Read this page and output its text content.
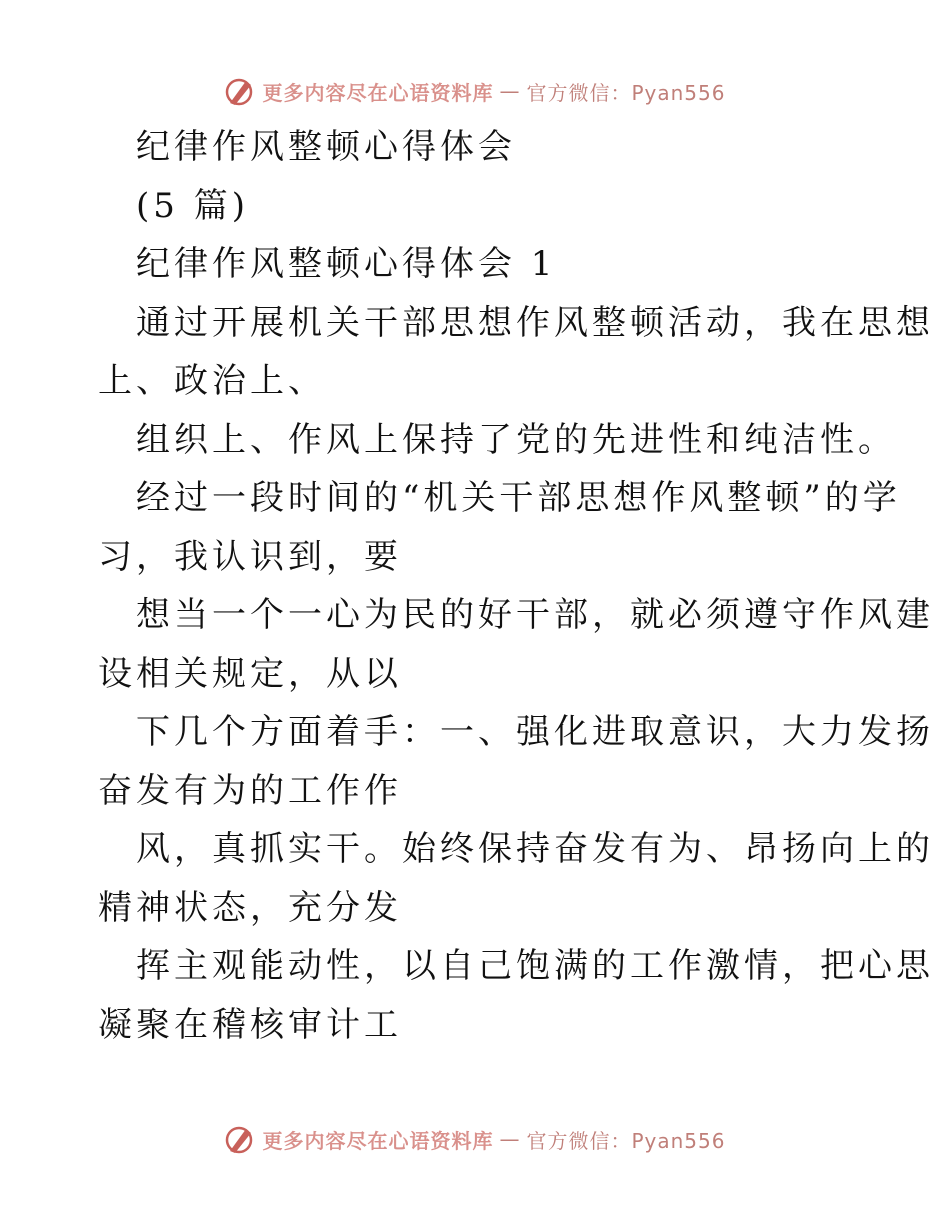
更多内容尽在心语资料库 — 官方微信：Pyan556
纪律作风整顿心得体会
(5 篇)
纪律作风整顿心得体会 1
通过开展机关干部思想作风整顿活动，我在思想
上、政治上、
组织上、作风上保持了党的先进性和纯洁性。
经过一段时间的“机关干部思想作风整顿”的学
习，我认识到，要
想当一个一心为民的好干部，就必须遵守作风建
设相关规定，从以
下几个方面着手：一、强化进取意识，大力发扬
奋发有为的工作作
风，真抓实干。始终保持奋发有为、昂扬向上的
精神状态，充分发
挥主观能动性，以自己饱满的工作激情，把心思
凝聚在稽核审计工
更多内容尽在心语资料库 — 官方微信：Pyan556
